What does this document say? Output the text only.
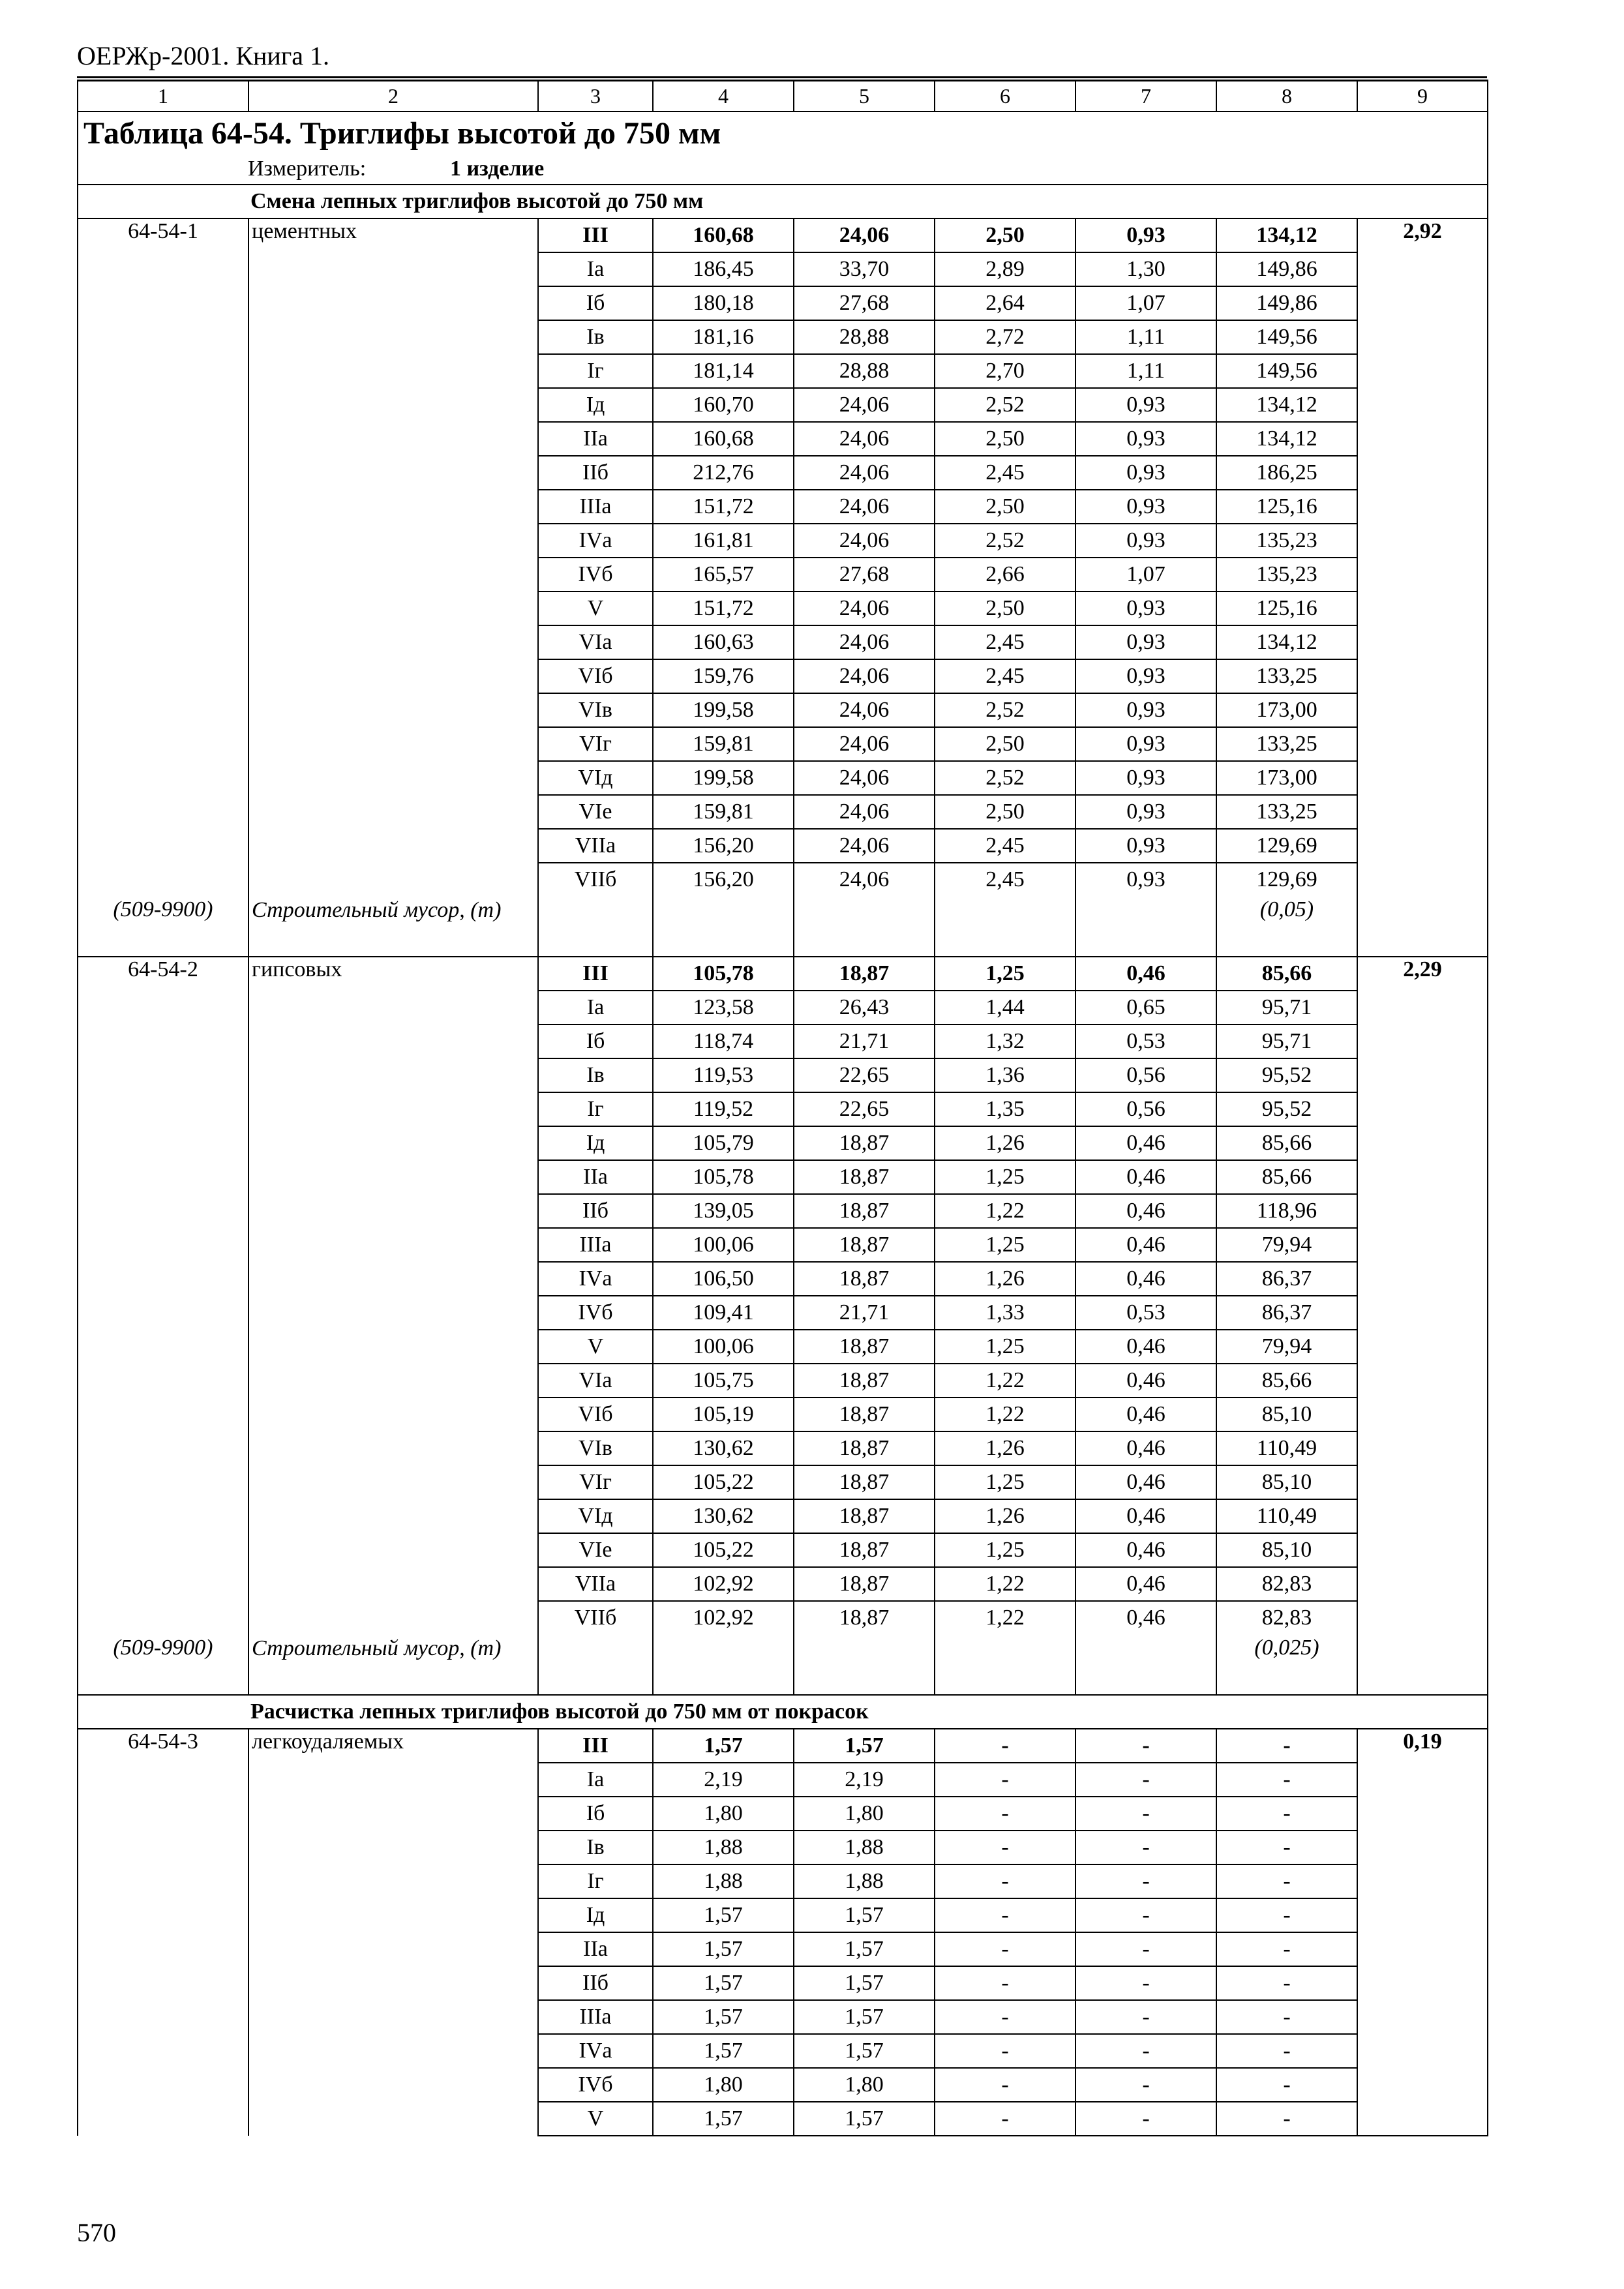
ОЕРЖр-2001. Книга 1.
1	2	3	4	5	6	7	8	9
Таблица 64-54. Триглифы высотой до 750 мм								
Измеритель: 1 изделие								
Смена лепных триглифов высотой до 750 мм								
64-54-1	цементных	III	160,68	24,06	2,50	0,93	134,12	2,92
		Iа	186,45	33,70	2,89	1,30	149,86	
		Iб	180,18	27,68	2,64	1,07	149,86	
		Iв	181,16	28,88	2,72	1,11	149,56	
		Iг	181,14	28,88	2,70	1,11	149,56	
		Iд	160,70	24,06	2,52	0,93	134,12	
		IIа	160,68	24,06	2,50	0,93	134,12	
		IIб	212,76	24,06	2,45	0,93	186,25	
		IIIа	151,72	24,06	2,50	0,93	125,16	
		IVа	161,81	24,06	2,52	0,93	135,23	
		IVб	165,57	27,68	2,66	1,07	135,23	
		V	151,72	24,06	2,50	0,93	125,16	
		VIа	160,63	24,06	2,45	0,93	134,12	
		VIб	159,76	24,06	2,45	0,93	133,25	
		VIв	199,58	24,06	2,52	0,93	173,00	
		VIг	159,81	24,06	2,50	0,93	133,25	
		VIд	199,58	24,06	2,52	0,93	173,00	
		VIе	159,81	24,06	2,50	0,93	133,25	
		VIIа	156,20	24,06	2,45	0,93	129,69	
		VIIб	156,20	24,06	2,45	0,93	129,69	
(509-9900)	Строительный мусор, (т)						(0,05)	
64-54-2	гипсовых	III	105,78	18,87	1,25	0,46	85,66	2,29
		Iа	123,58	26,43	1,44	0,65	95,71	
		Iб	118,74	21,71	1,32	0,53	95,71	
		Iв	119,53	22,65	1,36	0,56	95,52	
		Iг	119,52	22,65	1,35	0,56	95,52	
		Iд	105,79	18,87	1,26	0,46	85,66	
		IIа	105,78	18,87	1,25	0,46	85,66	
		IIб	139,05	18,87	1,22	0,46	118,96	
		IIIа	100,06	18,87	1,25	0,46	79,94	
		IVа	106,50	18,87	1,26	0,46	86,37	
		IVб	109,41	21,71	1,33	0,53	86,37	
		V	100,06	18,87	1,25	0,46	79,94	
		VIа	105,75	18,87	1,22	0,46	85,66	
		VIб	105,19	18,87	1,22	0,46	85,10	
		VIв	130,62	18,87	1,26	0,46	110,49	
		VIг	105,22	18,87	1,25	0,46	85,10	
		VIд	130,62	18,87	1,26	0,46	110,49	
		VIе	105,22	18,87	1,25	0,46	85,10	
		VIIа	102,92	18,87	1,22	0,46	82,83	
		VIIб	102,92	18,87	1,22	0,46	82,83	
(509-9900)	Строительный мусор, (т)						(0,025)	
Расчистка лепных триглифов высотой до 750 мм от покрасок								
64-54-3	легкоудаляемых	III	1,57	1,57	-	-	-	0,19
		Iа	2,19	2,19	-	-	-	
		Iб	1,80	1,80	-	-	-	
		Iв	1,88	1,88	-	-	-	
		Iг	1,88	1,88	-	-	-	
		Iд	1,57	1,57	-	-	-	
		IIа	1,57	1,57	-	-	-	
		IIб	1,57	1,57	-	-	-	
		IIIа	1,57	1,57	-	-	-	
		IVа	1,57	1,57	-	-	-	
		IVб	1,80	1,80	-	-	-	
		V	1,57	1,57	-	-	-	
570
